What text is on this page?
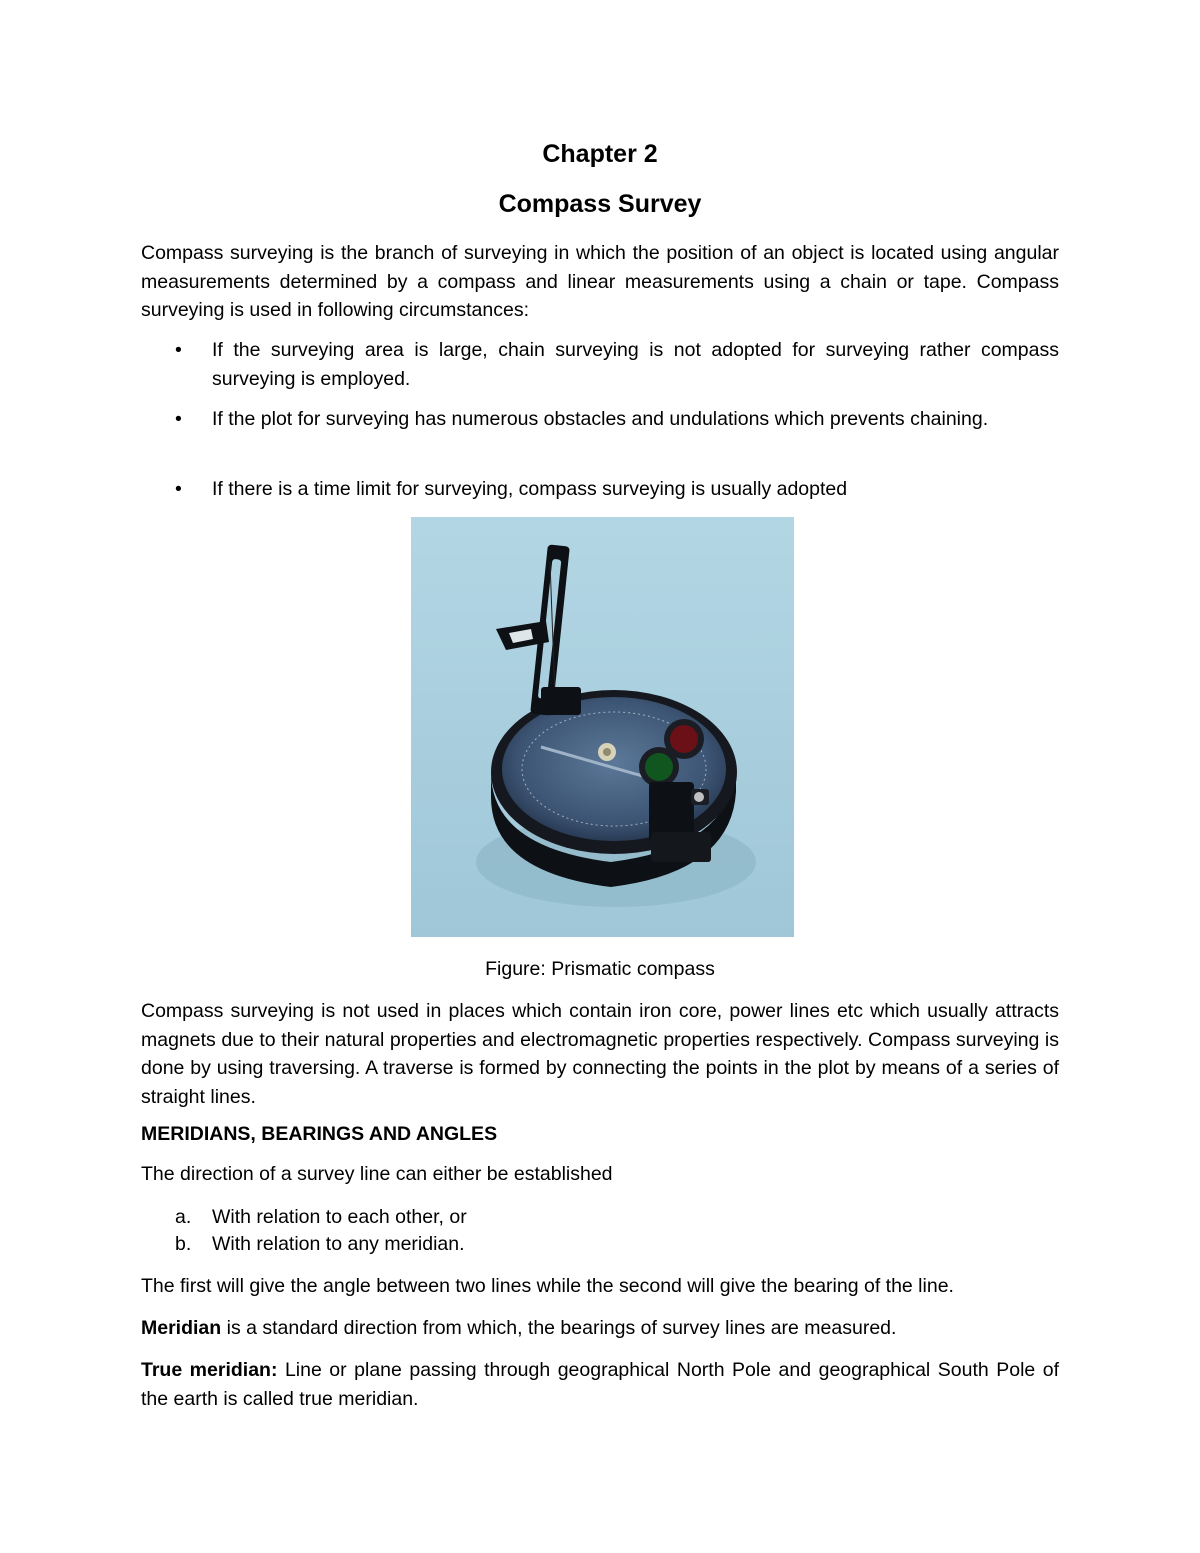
Chapter 2
Compass Survey

Compass surveying is the branch of surveying in which the position of an object is located using angular measurements determined by a compass and linear measurements using a chain or tape. Compass surveying is used in following circumstances:

• If the surveying area is large, chain surveying is not adopted for surveying rather compass surveying is employed.
• If the plot for surveying has numerous obstacles and undulations which prevents chaining.
• If there is a time limit for surveying, compass surveying is usually adopted

Figure: Prismatic compass

Compass surveying is not used in places which contain iron core, power lines etc which usually attracts magnets due to their natural properties and electromagnetic properties respectively. Compass surveying is done by using traversing. A traverse is formed by connecting the points in the plot by means of a series of straight lines.

MERIDIANS, BEARINGS AND ANGLES

The direction of a survey line can either be established

a. With relation to each other, or
b. With relation to any meridian.

The first will give the angle between two lines while the second will give the bearing of the line.

Meridian is a standard direction from which, the bearings of survey lines are measured.

True meridian: Line or plane passing through geographical North Pole and geographical South Pole of the earth is called true meridian.
